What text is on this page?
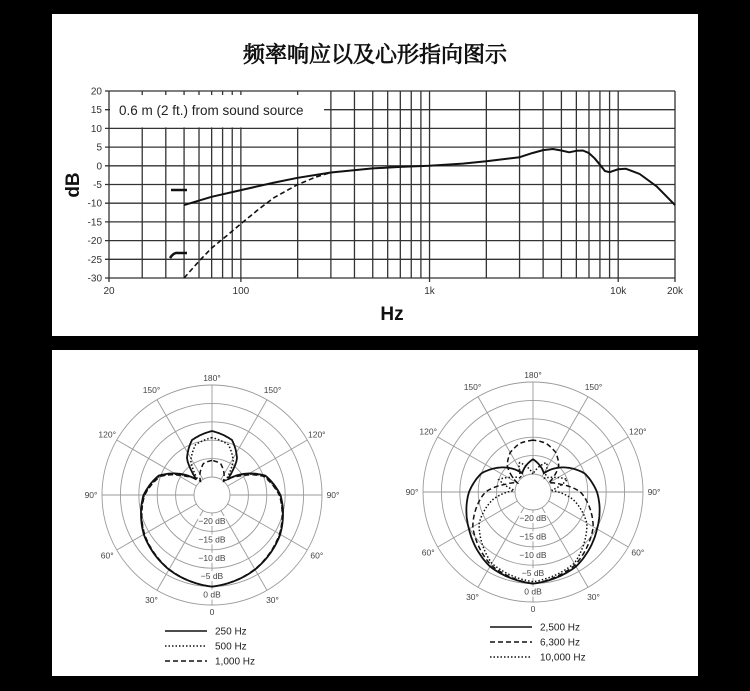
频率响应以及心形指向图示
20
15
10
5
0
-5
-10
-15
-20
-25
-30
0.6 m (2 ft.) from sound source
20	100	1k	10k	20k
Hz
dB
0
30°
30°
60°
60°
90°
90°
120°
120°
150°
150°
180°
−20 dB
−15 dB
−10 dB
−5 dB
0 dB
250 Hz
500 Hz
1,000 Hz
0
30°
30°
60°
60°
90°
90°
120°
120°
150°
150°
180°
−20 dB
−15 dB
−10 dB
−5 dB
0 dB
2,500 Hz
6,300 Hz
10,000 Hz
